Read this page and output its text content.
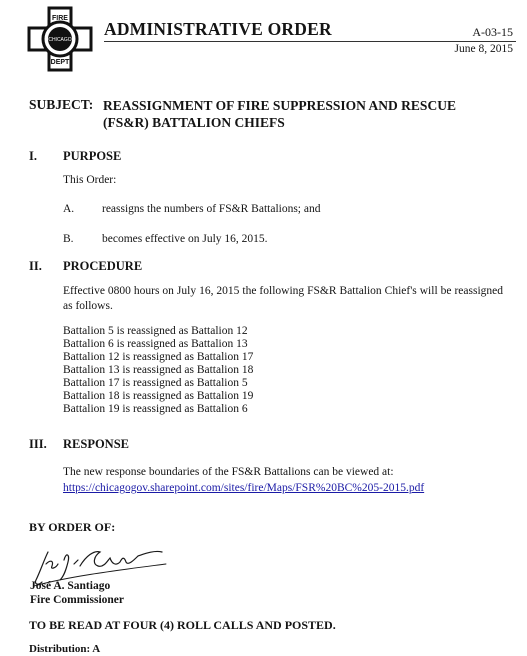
FIRE
CHICAGO
DEPT
ADMINISTRATIVE ORDER	A-03-15
June 8, 2015
SUBJECT: REASSIGNMENT OF FIRE SUPPRESSION AND RESCUE (FS&R) BATTALION CHIEFS
I. PURPOSE
This Order:
A. reassigns the numbers of FS&R Battalions; and
B. becomes effective on July 16, 2015.
II. PROCEDURE
Effective 0800 hours on July 16, 2015 the following FS&R Battalion Chief's will be reassigned as follows.
Battalion 5 is reassigned as Battalion 12
Battalion 6 is reassigned as Battalion 13
Battalion 12 is reassigned as Battalion 17
Battalion 13 is reassigned as Battalion 18
Battalion 17 is reassigned as Battalion 5
Battalion 18 is reassigned as Battalion 19
Battalion 19 is reassigned as Battalion 6
III. RESPONSE
The new response boundaries of the FS&R Battalions can be viewed at:
https://chicagogov.sharepoint.com/sites/fire/Maps/FSR%20BC%205-2015.pdf
BY ORDER OF:
José A. Santiago
Fire Commissioner
TO BE READ AT FOUR (4) ROLL CALLS AND POSTED.
Distribution: A
